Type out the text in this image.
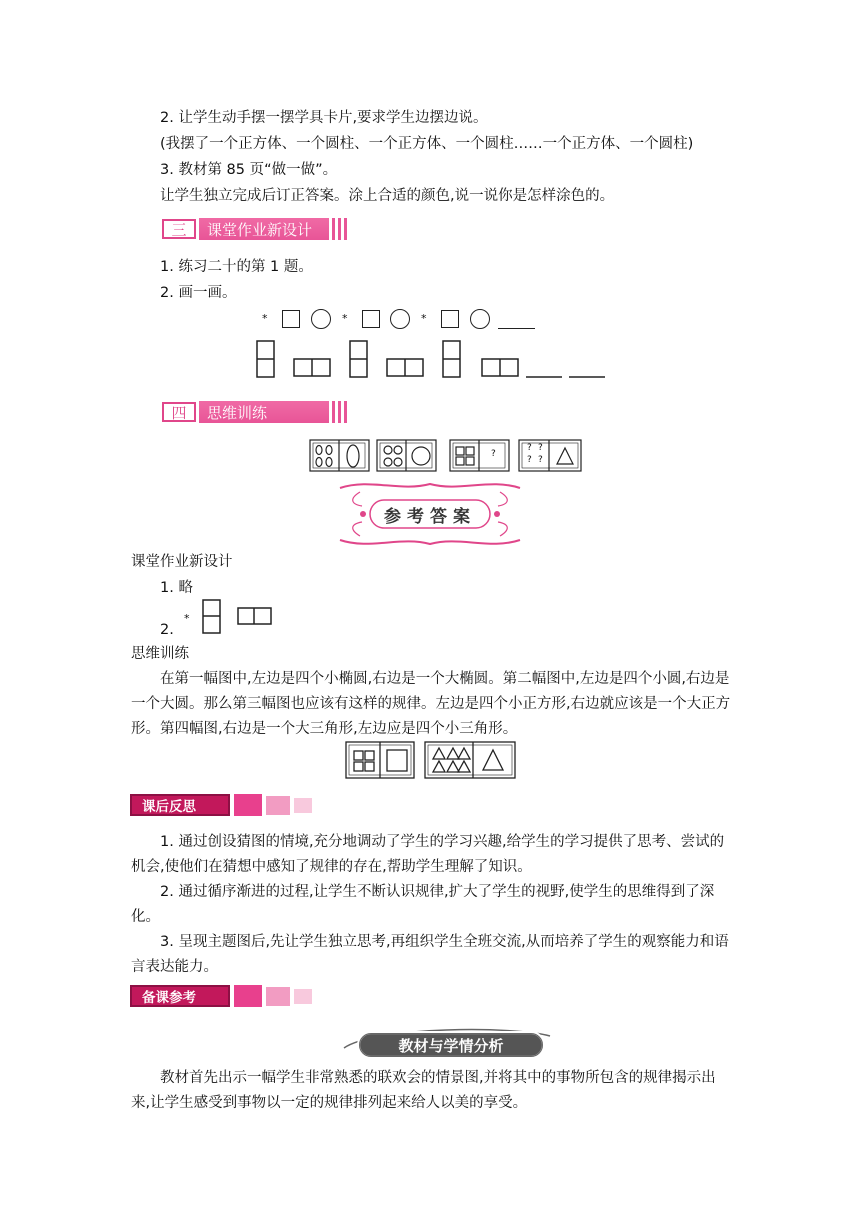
2. 让学生动手摆一摆学具卡片,要求学生边摆边说。
(我摆了一个正方体、一个圆柱、一个正方体、一个圆柱……一个正方体、一个圆柱)
3. 教材第 85 页“做一做”。
让学生独立完成后订正答案。涂上合适的颜色,说一说你是怎样涂色的。
三	课堂作业新设计
1. 练习二十的第 1 题。
2. 画一画。
*	*	*
四	思维训练
?
? ?
? ?
参考答案
课堂作业新设计
1. 略
2.
*
思维训练
在第一幅图中,左边是四个小椭圆,右边是一个大椭圆。第二幅图中,左边是四个小圆,右边是一个大圆。那么第三幅图也应该有这样的规律。左边是四个小正方形,右边就应该是一个大正方形。第四幅图,右边是一个大三角形,左边应是四个小三角形。
课后反思
1. 通过创设猜图的情境,充分地调动了学生的学习兴趣,给学生的学习提供了思考、尝试的机会,使他们在猜想中感知了规律的存在,帮助学生理解了知识。
2. 通过循序渐进的过程,让学生不断认识规律,扩大了学生的视野,使学生的思维得到了深化。
3. 呈现主题图后,先让学生独立思考,再组织学生全班交流,从而培养了学生的观察能力和语言表达能力。
备课参考
教材与学情分析
教材首先出示一幅学生非常熟悉的联欢会的情景图,并将其中的事物所包含的规律揭示出来,让学生感受到事物以一定的规律排列起来给人以美的享受。
